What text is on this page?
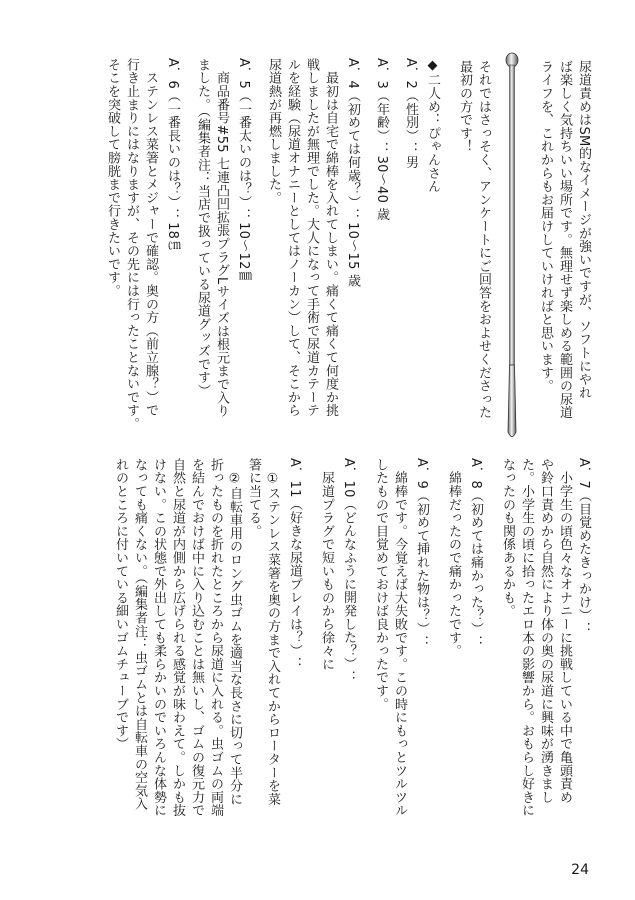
尿道責めはSM的なイメージが強いですが、ソフトにやれ
ば楽しく気持ちいい場所です。無理せず楽しめる範囲の尿道
ライフを、これからもお届けしていければと思います。
それではさっそく、アンケートにご回答をおよせくださった
最初の方です！
◆二人め：ぴゃんさん
A．2（性別）：男
A．3（年齢）：30～40 歳
A．4（初めては何歳？）：10～15 歳
　最初は自宅で綿棒を入れてしまい。痛くて痛くて何度か挑
戦しましたが無理でした。大人になって手術で尿道カテーテ
ルを経験（尿道オナニーとしてはノーカン）して、そこから
尿道熱が再燃しました。
A．5（一番太いのは？）：10～12㎜
　商品番号#55 七連凸凹拡張プラグLサイズは根元まで入り
ました。（編集者注：当店で扱っている尿道グッズです）
A．6（一番長いのは？）：18㎝
　ステンレス菜箸とメジャーで確認。奥の方（前立腺？）で
行き止まりにはなりますが、その先には行ったことないです。
そこを突破して膀胱まで行きたいです。
A．7（目覚めたきっかけ）：
　小学生の頃色々なオナニーに挑戦している中で亀頭責め
や鈴口責めから自然により体の奥の尿道に興味が湧きまし
た。小学生の頃に拾ったエロ本の影響から。おもらし好きに
なったのも関係あるかも。
A．8（初めては痛かった？）：
　綿棒だったので痛かったです。
A．9（初めて挿れた物は？）：
　綿棒です。今覚えば大失敗です。この時にもっとツルツル
したもので目覚めておけば良かったです。
A．10（どんなふうに開発した？）：
　尿道プラグで短いものから徐々に
A．11（好きな尿道プレイは？）：
　①ステンレス菜箸を奥の方まで入れてからローターを菜
箸に当てる。
　②自転車用のロング虫ゴムを適当な長さに切って半分に
折ったものを折れたところから尿道に入れる。虫ゴムの両端
を結んでおけば中に入り込むことは無いし、ゴムの復元力で
自然と尿道が内側から広げられる感覚が味わえて。しかも抜
けない。この状態で外出しても柔らかいのでいろんな体勢に
なっても痛くない。（編集者注：虫ゴムとは自転車の空気入
れのところに付いている細いゴムチューブです）
24
